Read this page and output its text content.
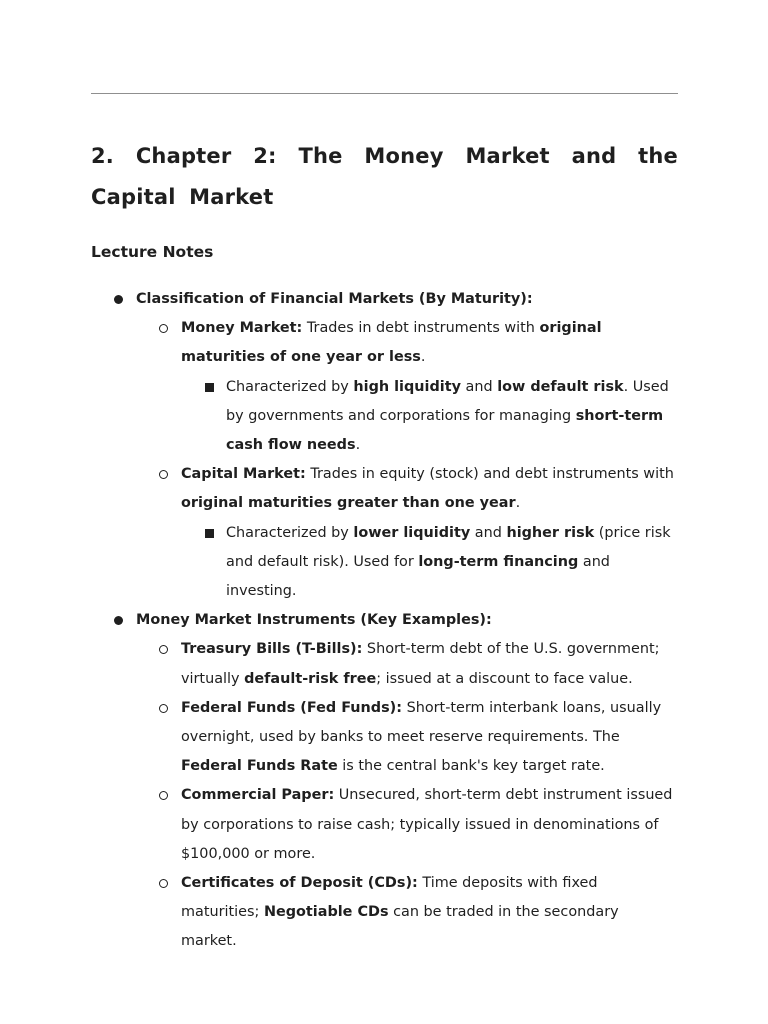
2. Chapter 2: The Money Market and the Capital Market
Lecture Notes
Classification of Financial Markets (By Maturity):
Money Market: Trades in debt instruments with original maturities of one year or less.
Characterized by high liquidity and low default risk. Used by governments and corporations for managing short-term cash flow needs.
Capital Market: Trades in equity (stock) and debt instruments with original maturities greater than one year.
Characterized by lower liquidity and higher risk (price risk and default risk). Used for long-term financing and investing.
Money Market Instruments (Key Examples):
Treasury Bills (T-Bills): Short-term debt of the U.S. government; virtually default-risk free; issued at a discount to face value.
Federal Funds (Fed Funds): Short-term interbank loans, usually overnight, used by banks to meet reserve requirements. The Federal Funds Rate is the central bank's key target rate.
Commercial Paper: Unsecured, short-term debt instrument issued by corporations to raise cash; typically issued in denominations of $100,000 or more.
Certificates of Deposit (CDs): Time deposits with fixed maturities; Negotiable CDs can be traded in the secondary market.
